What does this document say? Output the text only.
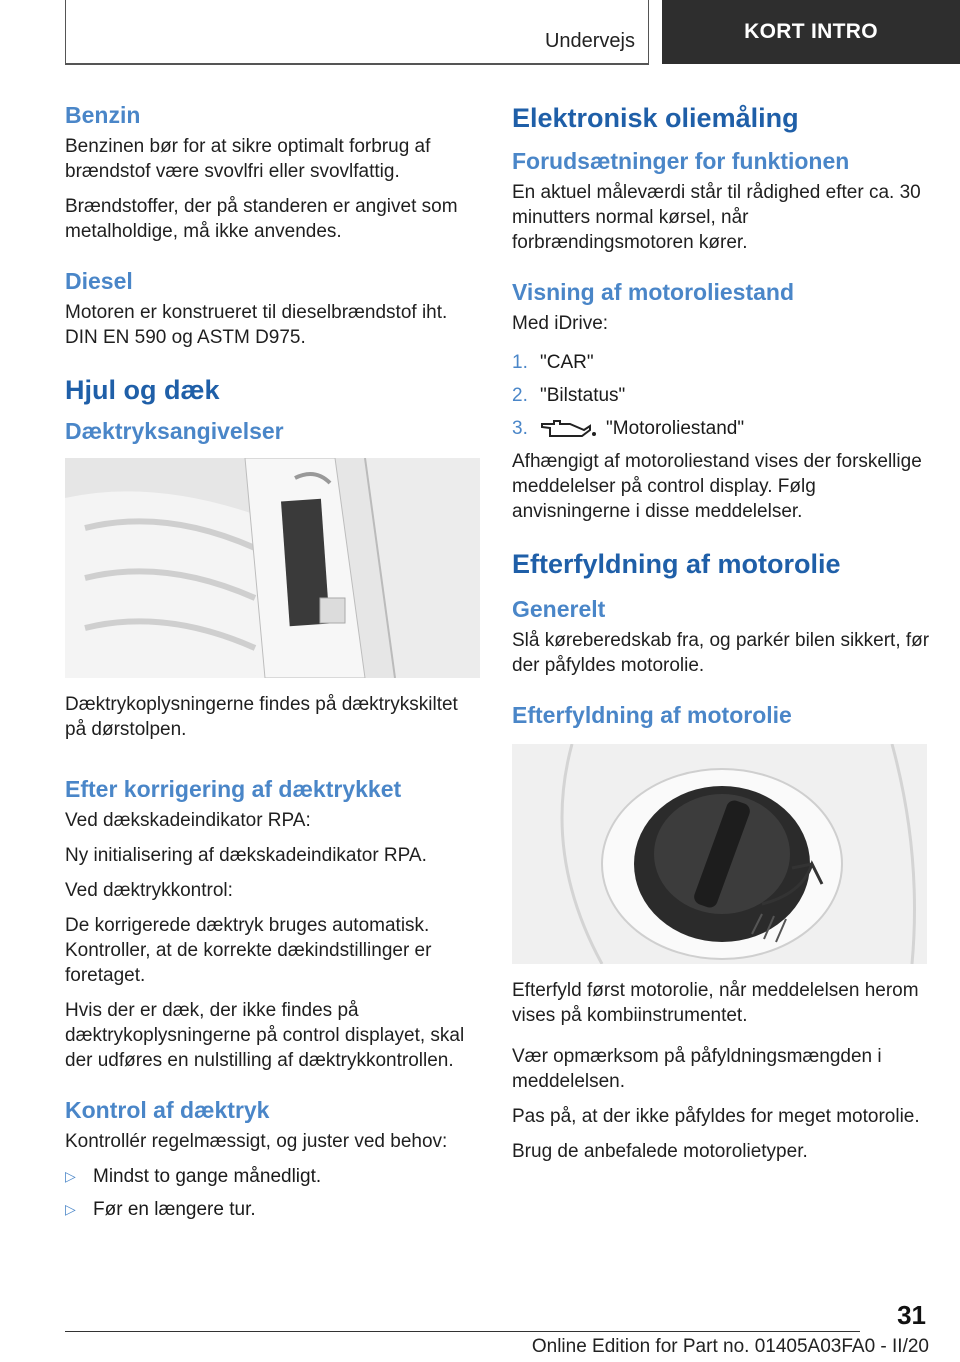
Undervejs	KORT INTRO
Benzin

Benzinen bør for at sikre optimalt forbrug af brændstof være svovlfri eller svovlfattig.

Brændstoffer, der på standeren er angivet som metalholdige, må ikke anvendes.

Diesel

Motoren er konstrueret til dieselbrændstof iht. DIN EN 590 og ASTM D975.

Hjul og dæk
Dæktryksangivelser

Dæktrykoplysningerne findes på dæktrykskiltet på dørstolpen.

Efter korrigering af dæktrykket

Ved dækskadeindikator RPA:

Ny initialisering af dækskadeindikator RPA.

Ved dæktrykkontrol:

De korrigerede dæktryk bruges automatisk. Kontroller, at de korrekte dækindstillinger er foretaget.

Hvis der er dæk, der ikke findes på dæktrykoplysningerne på control displayet, skal der udføres en nulstilling af dæktrykkontrollen.

Kontrol af dæktryk

Kontrollér regelmæssigt, og juster ved behov:

▷ Mindst to gange månedligt.
▷ Før en længere tur.
Elektronisk oliemåling
Forudsætninger for funktionen

En aktuel måleværdi står til rådighed efter ca. 30 minutters normal kørsel, når forbrændingsmotoren kører.

Visning af motoroliestand

Med iDrive:

1. "CAR"
2. "Bilstatus"
3.	"Motoroliestand"

Afhængigt af motoroliestand vises der forskellige meddelelser på control display. Følg anvisningerne i disse meddelelser.

Efterfyldning af motorolie
Generelt

Slå køreberedskab fra, og parkér bilen sikkert, før der påfyldes motorolie.

Efterfyldning af motorolie

Efterfyld først motorolie, når meddelelsen herom vises på kombiinstrumentet.

Vær opmærksom på påfyldningsmængden i meddelelsen.

Pas på, at der ikke påfyldes for meget motorolie.

Brug de anbefalede motorolietyper.

31
Online Edition for Part no. 01405A03FA0 - II/20
